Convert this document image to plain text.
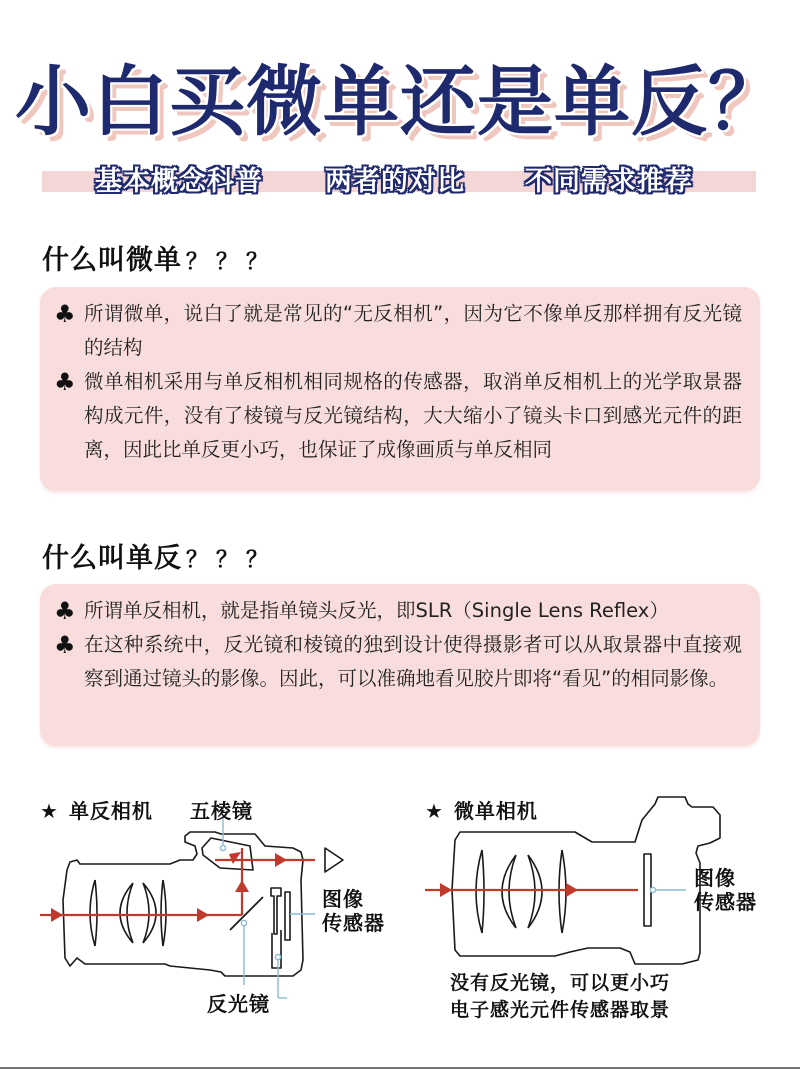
小白买微单还是单反？
基本概念科普 两者的对比 不同需求推荐
什么叫微单 ？？？
♣ 所谓微单，说白了就是常见的“无反相机”，因为它不像单反那样拥有反光镜的结构
♣ 微单相机采用与单反相机相同规格的传感器，取消单反相机上的光学取景器构成元件，没有了棱镜与反光镜结构，大大缩小了镜头卡口到感光元件的距离，因此比单反更小巧，也保证了成像画质与单反相同
什么叫单反 ？？？
♣ 所谓单反相机，就是指单镜头反光，即SLR（Single Lens Reflex）
♣ 在这种系统中，反光镜和棱镜的独到设计使得摄影者可以从取景器中直接观察到通过镜头的影像。因此，可以准确地看见胶片即将“看见”的相同影像。
★ 单反相机 五棱镜
图像
传感器
反光镜
★ 微单相机
图像
传感器
没有反光镜，可以更小巧
电子感光元件传感器取景
